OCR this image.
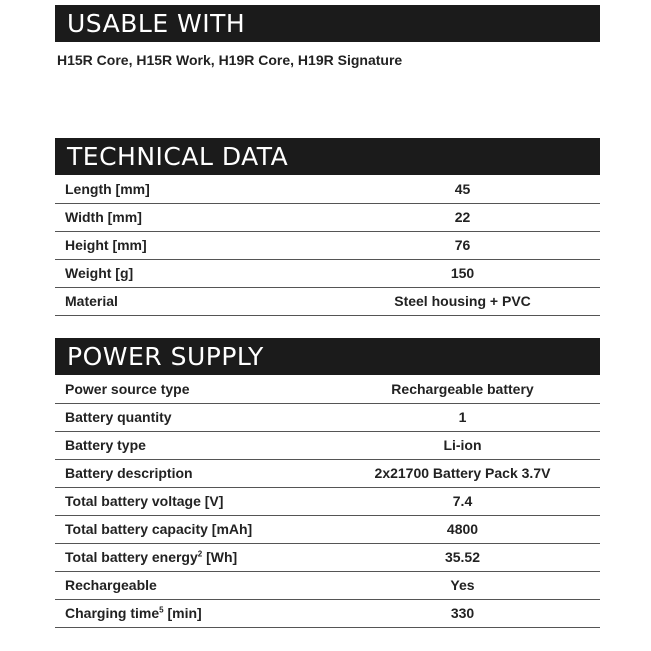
USABLE WITH
H15R Core, H15R Work, H19R Core, H19R Signature
TECHNICAL DATA
Length [mm]	45
Width [mm]	22
Height [mm]	76
Weight [g]	150
Material	Steel housing + PVC
POWER SUPPLY
Power source type	Rechargeable battery
Battery quantity	1
Battery type	Li-ion
Battery description	2x21700 Battery Pack 3.7V
Total battery voltage [V]	7.4
Total battery capacity [mAh]	4800
Total battery energy$^2$ [Wh]	35.52
Rechargeable	Yes
Charging time$^5$ [min]	330
